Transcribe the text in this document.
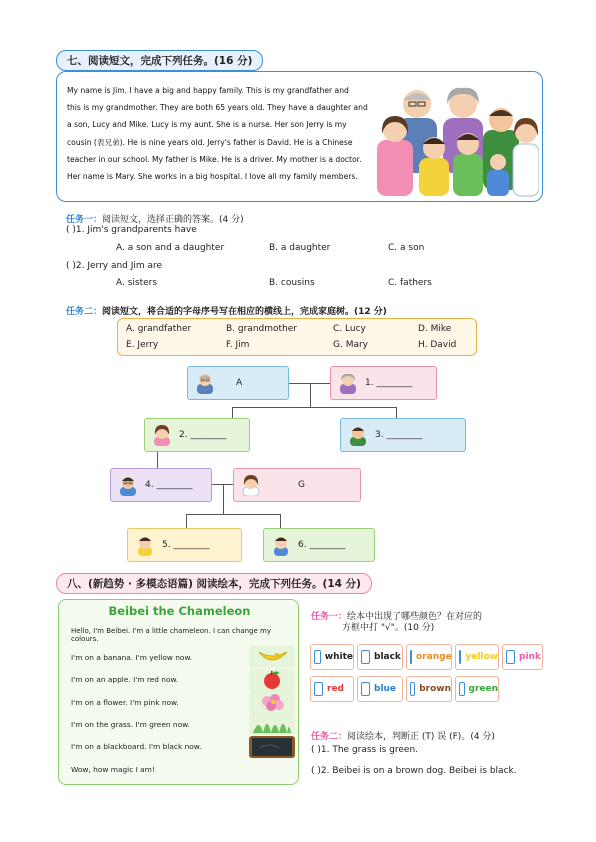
七、阅读短文，完成下列任务。(16 分)
My name is Jim. I have a big and happy family. This is my grandfather and
this is my grandmother. They are both 65 years old. They have a daughter and
a son, Lucy and Mike. Lucy is my aunt. She is a nurse. Her son Jerry is my
cousin (表兄弟). He is nine years old. Jerry's father is David. He is a Chinese
teacher in our school. My father is Mike. He is a driver. My mother is a doctor.
Her name is Mary. She works in a big hospital. I love all my family members.
任务一：阅读短文，选择正确的答案。(4 分)
( )1. Jim's grandparents have
A. a son and a daughter	B. a daughter	C. a son
( )2. Jerry and Jim are
A. sisters	B. cousins	C. fathers
任务二：阅读短文，将合适的字母序号写在相应的横线上，完成家庭树。(12 分)
A. grandfather	B. grandmother	C. Lucy	D. Mike
E. Jerry	F. Jim	G. Mary	H. David
A	1. ________
2. ________	3. ________
4. ________	G
5. ________	6. ________
八、(新趋势 · 多模态语篇) 阅读绘本，完成下列任务。(14 分)
Beibei the Chameleon
Hello, I'm Beibei. I'm a little chameleon. I can change my colours.
I'm on a banana. I'm yellow now.
I'm on an apple. I'm red now.
I'm on a flower. I'm pink now.
I'm on the grass. I'm green now.
I'm on a blackboard. I'm black now.
Wow, how magic I am!
任务一：绘本中出现了哪些颜色？在对应的
方框中打 "√"。(10 分)
white black orange yellow pink
red	blue	brown green
任务二：阅读绘本，判断正 (T) 误 (F)。(4 分)
( )1. The grass is green.
( )2. Beibei is on a brown dog. Beibei is black.
